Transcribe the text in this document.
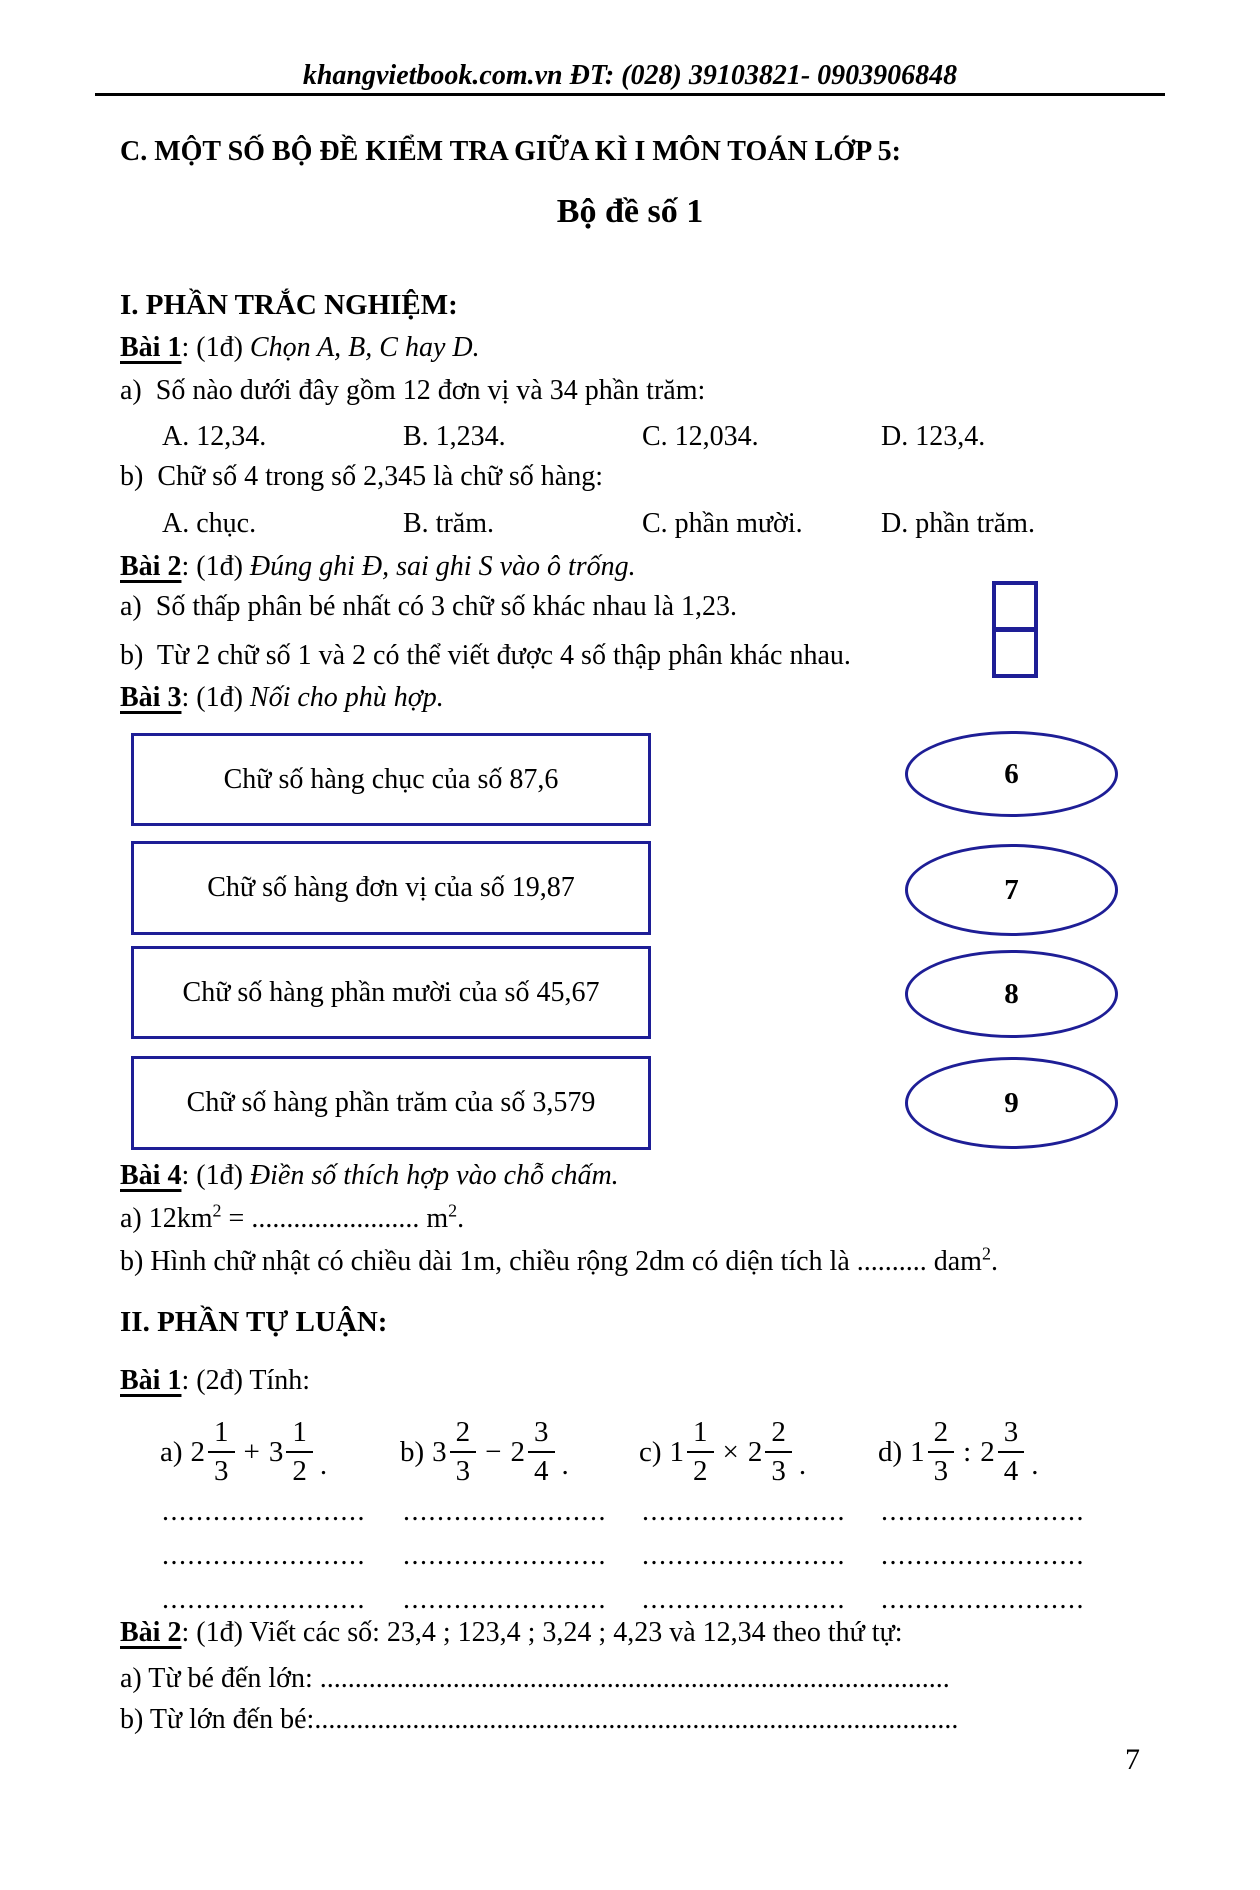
khangvietbook.com.vn ĐT: (028) 39103821- 0903906848
C. MỘT SỐ BỘ ĐỀ KIỂM TRA GIỮA KÌ I MÔN TOÁN LỚP 5:
Bộ đề số 1
I. PHẦN TRẮC NGHIỆM:
Bài 1: (1đ) Chọn A, B, C hay D.
a)  Số nào dưới đây gồm 12 đơn vị và 34 phần trăm:
A. 12,34.	B. 1,234.	C. 12,034.	D. 123,4.
b)  Chữ số 4 trong số 2,345 là chữ số hàng:
A. chục.	B. trăm.	C. phần mười.	D. phần trăm.
Bài 2: (1đ) Đúng ghi Đ, sai ghi S vào ô trống.
a)  Số thấp phân bé nhất có 3 chữ số khác nhau là 1,23.
b)  Từ 2 chữ số 1 và 2 có thể viết được 4 số thập phân khác nhau.
Bài 3: (1đ) Nối cho phù hợp.
Chữ số hàng chục của số 87,6	6
Chữ số hàng đơn vị của số 19,87	7
Chữ số hàng phần mười của số 45,67	8
Chữ số hàng phần trăm của số 3,579	9
Bài 4: (1đ) Điền số thích hợp vào chỗ chấm.
a) $12km^2$ = ........................ $m^2$.
b) Hình chữ nhật có chiều dài 1m, chiều rộng 2dm có diện tích là .......... dam$^2$.
II. PHẦN TỰ LUẬN:
Bài 1: (2đ) Tính:
a) $2 \frac{1}{3} + 3 \frac{1}{2}$ .	b) $3 \frac{2}{3} - 2 \frac{3}{4}$ . c) $1 \frac{1}{2} \times 2 \frac{2}{3}$ . d) $1 \frac{2}{3}$ : $2 \frac{3}{4}$ .
........................ ........................ ........................ ........................
........................ ........................ ........................ ........................
........................ ........................ ........................ ........................
Bài 2: (1đ) Viết các số: 23,4 ; 123,4 ; 3,24 ; 4,23 và 12,34 theo thứ tự:
a) Từ bé đến lớn: ..........................................................................................
b) Từ lớn đến bé:............................................................................................
7
